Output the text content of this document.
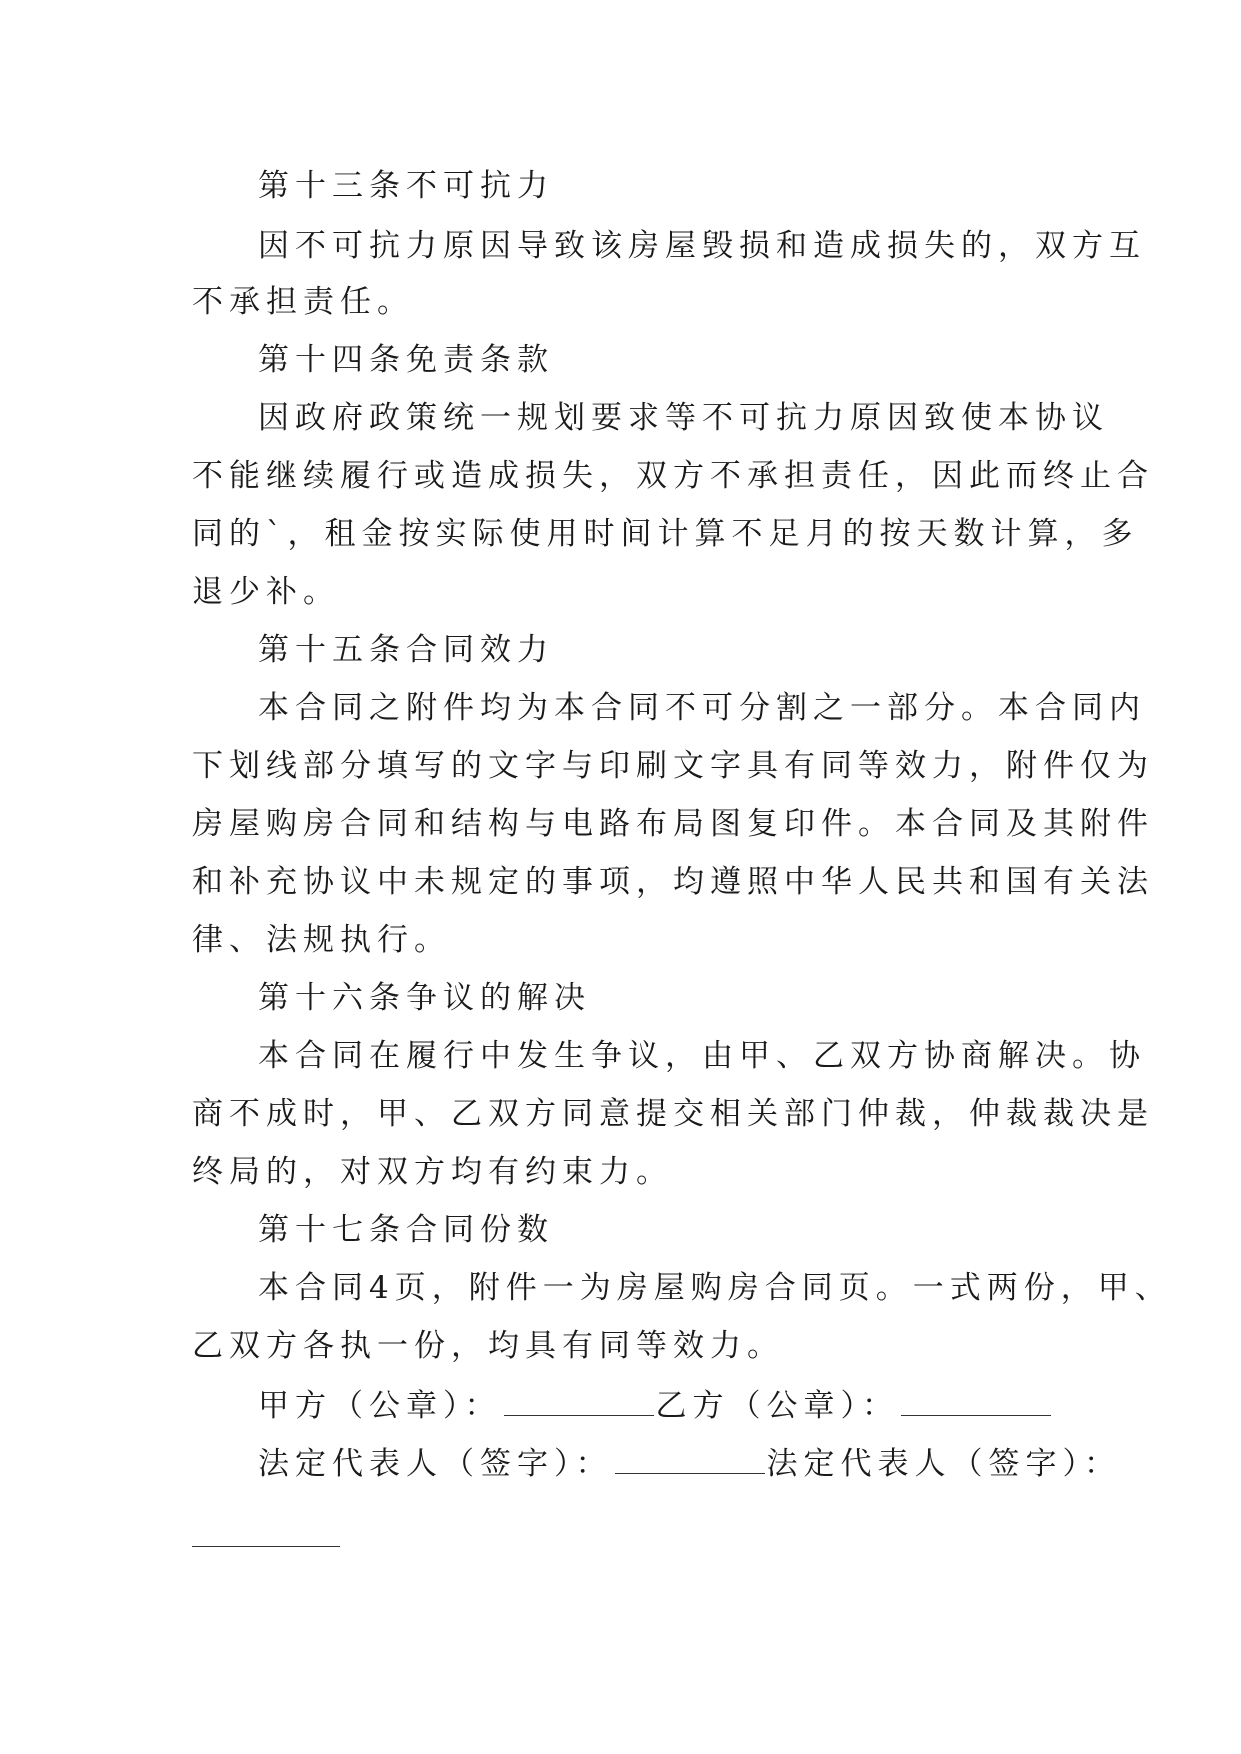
第十三条不可抗力
因不可抗力原因导致该房屋毁损和造成损失的，双方互
不承担责任。
第十四条免责条款
因政府政策统一规划要求等不可抗力原因致使本协议
不能继续履行或造成损失，双方不承担责任，因此而终止合
同的`，租金按实际使用时间计算不足月的按天数计算，多
退少补。
第十五条合同效力
本合同之附件均为本合同不可分割之一部分。本合同内
下划线部分填写的文字与印刷文字具有同等效力，附件仅为
房屋购房合同和结构与电路布局图复印件。本合同及其附件
和补充协议中未规定的事项，均遵照中华人民共和国有关法
律、法规执行。
第十六条争议的解决
本合同在履行中发生争议，由甲、乙双方协商解决。协
商不成时，甲、乙双方同意提交相关部门仲裁，仲裁裁决是
终局的，对双方均有约束力。
第十七条合同份数
本合同4页，附件一为房屋购房合同页。一式两份，甲、
乙双方各执一份，均具有同等效力。
甲方（公章）：	乙方（公章）：
法定代表人（签字）：	法定代表人（签字）：
